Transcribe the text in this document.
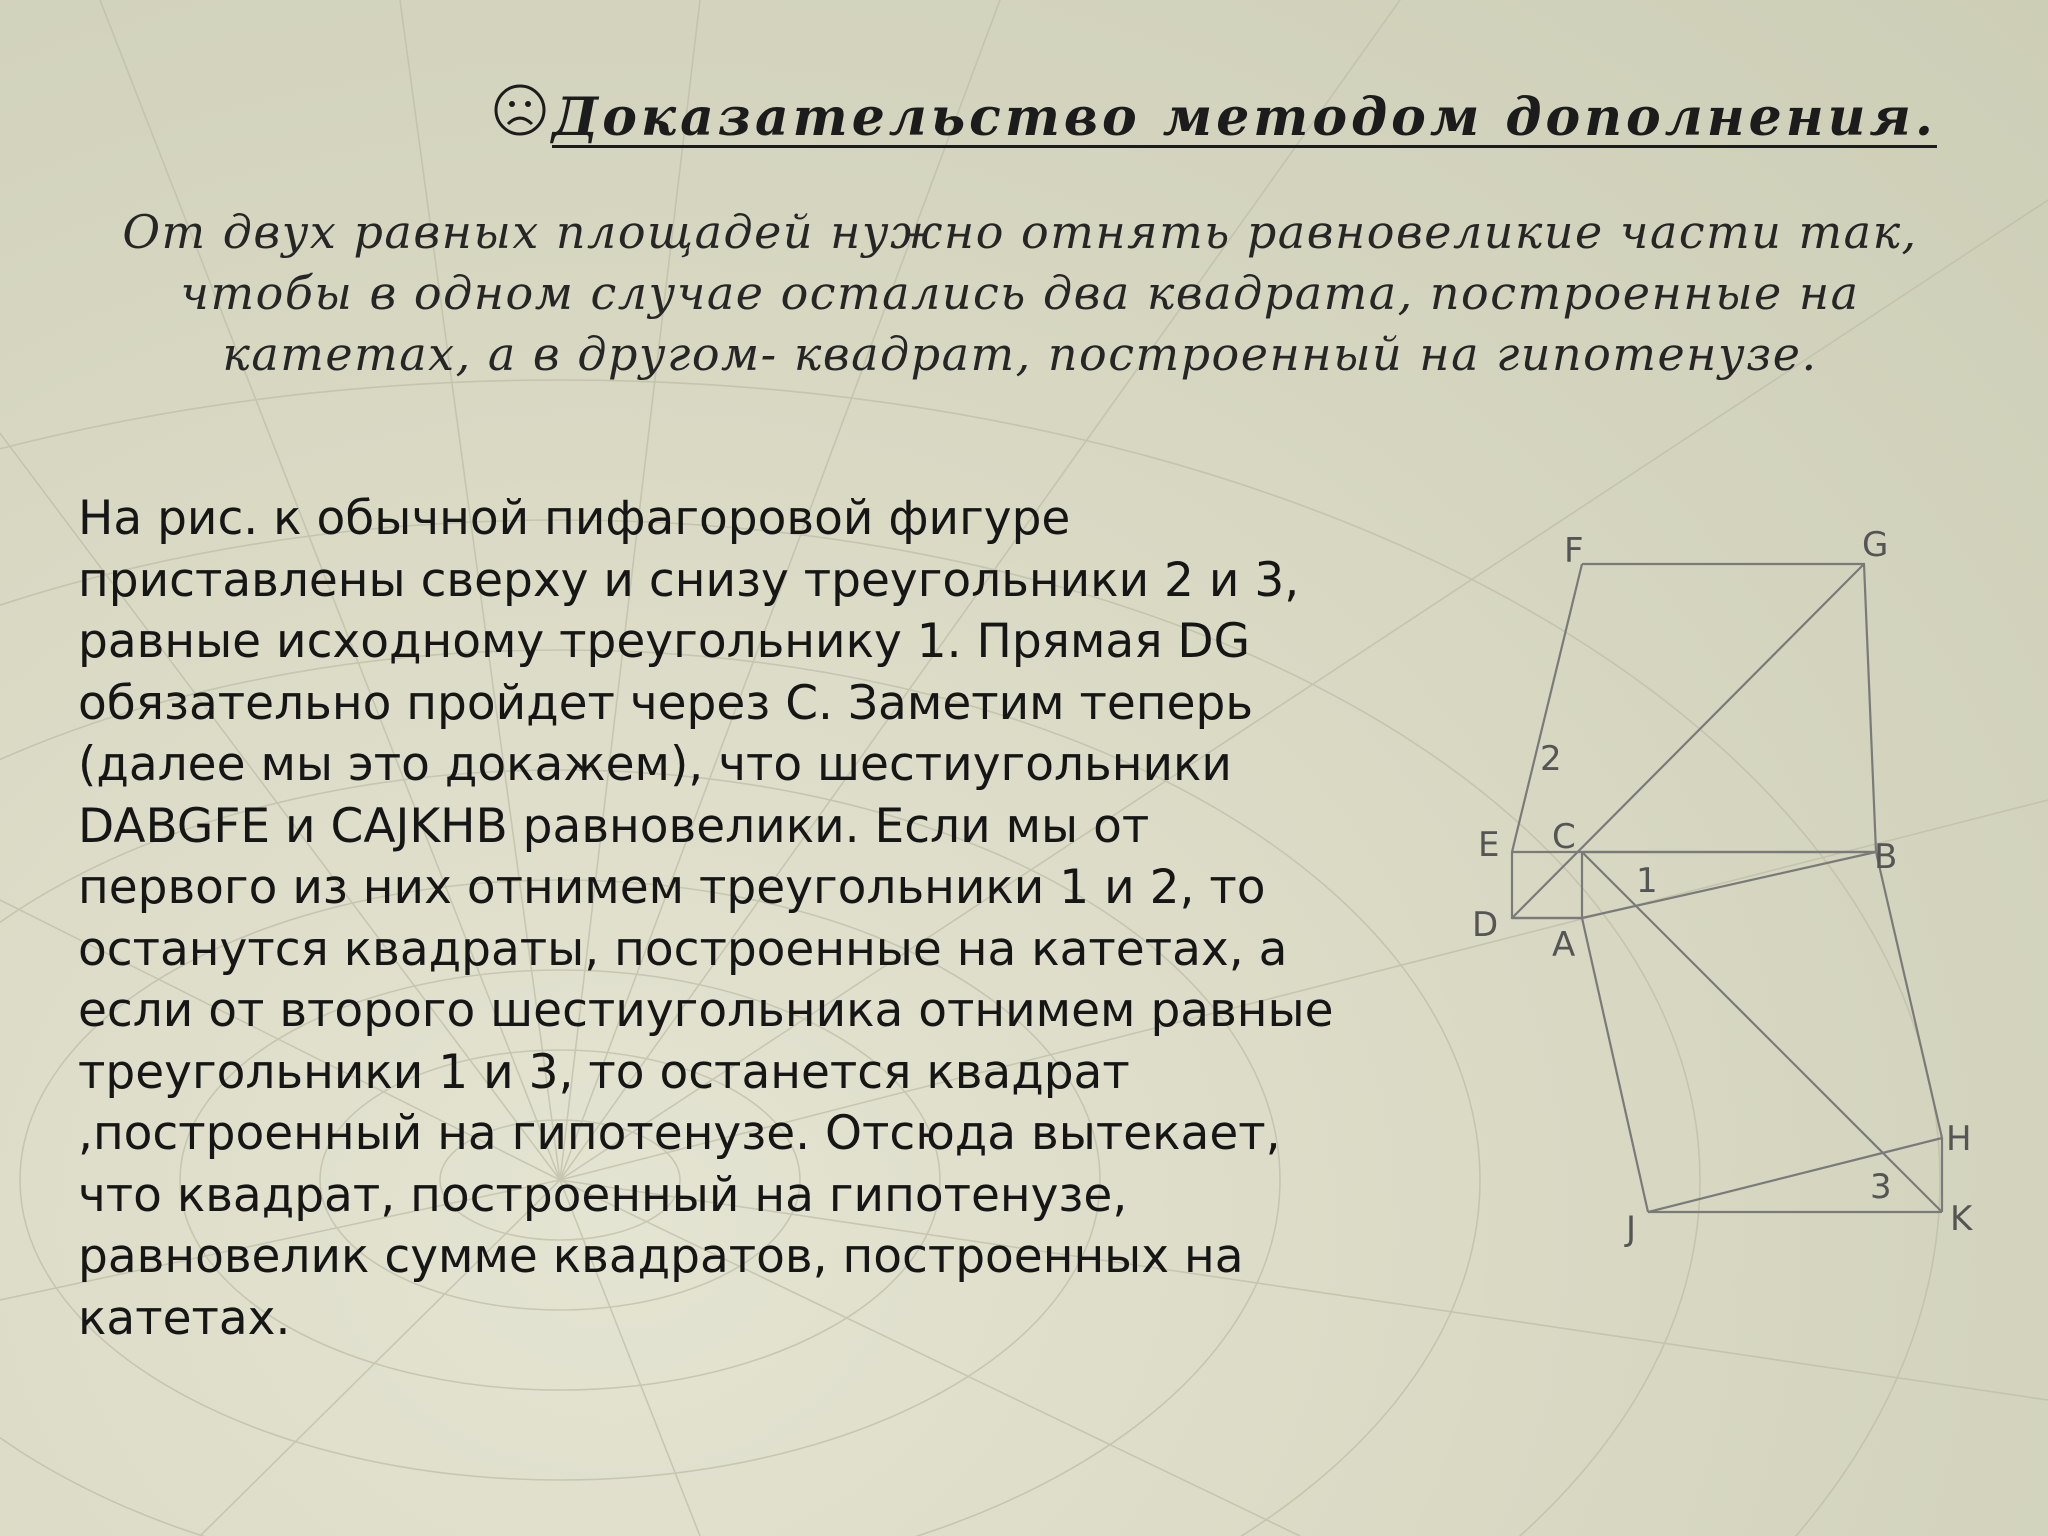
Доказательство методом дополнения.
От двух равных площадей нужно отнять равновеликие части так,
чтобы в одном случае остались два квадрата, построенные на
катетах, а в другом- квадрат, построенный на гипотенузе.
На рис. к обычной пифагоровой фигуре
приставлены сверху и снизу треугольники 2 и 3,
равные исходному треугольнику 1. Прямая DG
обязательно пройдет через С. Заметим теперь
(далее мы это докажем), что шестиугольники
DABGFE и CAJKHB равновелики. Если мы от
первого из них отнимем треугольники 1 и 2, то
останутся квадраты, построенные на катетах, а
если от второго шестиугольника отнимем равные
треугольники 1 и 3, то останется квадрат
,построенный на гипотенузе. Отсюда вытекает,
что квадрат, построенный на гипотенузе,
равновелик сумме квадратов, построенных на
катетах.
F	G
E C	B
D A
H
J	K
2
1
3
